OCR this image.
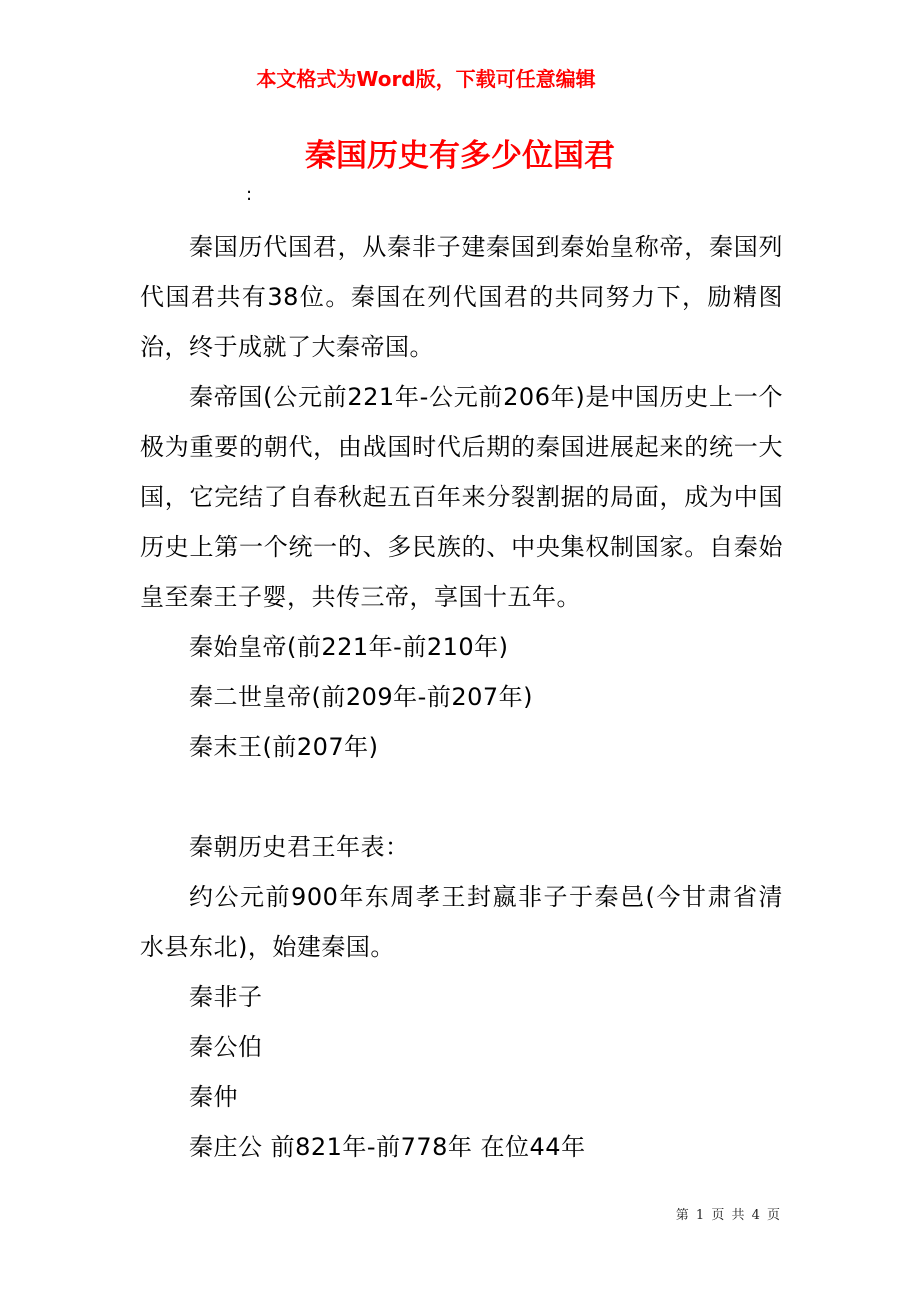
本文格式为Word版，下载可任意编辑
秦国历史有多少位国君
:

秦国历代国君，从秦非子建秦国到秦始皇称帝，秦国列代国君共有38位。秦国在列代国君的共同努力下，励精图治，终于成就了大秦帝国。

秦帝国(公元前221年-公元前206年)是中国历史上一个极为重要的朝代，由战国时代后期的秦国进展起来的统一大国，它完结了自春秋起五百年来分裂割据的局面，成为中国历史上第一个统一的、多民族的、中央集权制国家。自秦始皇至秦王子婴，共传三帝，享国十五年。

秦始皇帝(前221年-前210年)

秦二世皇帝(前209年-前207年)

秦末王(前207年)

秦朝历史君王年表：

约公元前900年东周孝王封嬴非子于秦邑(今甘肃省清水县东北)，始建秦国。

秦非子

秦公伯

秦仲

秦庄公 前821年-前778年 在位44年

第 1 页 共 4 页
